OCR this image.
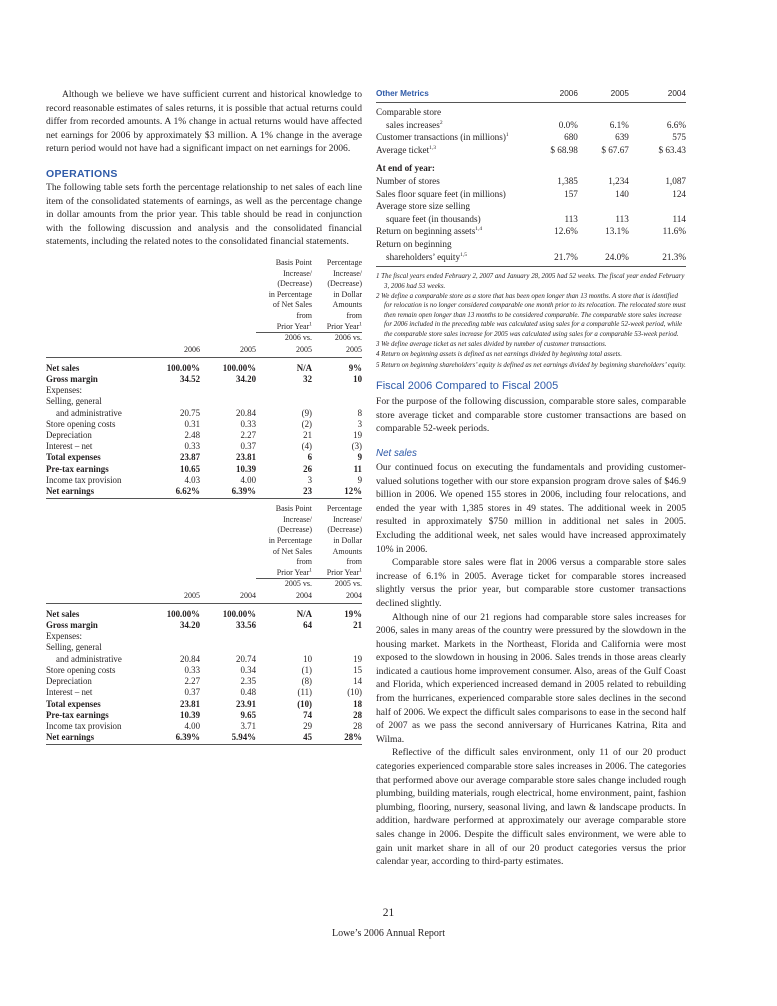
Although we believe we have sufficient current and historical knowledge to record reasonable estimates of sales returns, it is possible that actual returns could differ from recorded amounts. A 1% change in actual returns would have affected net earnings for 2006 by approximately $3 million. A 1% change in the average return period would not have had a significant impact on net earnings for 2006.

OPERATIONS

The following table sets forth the percentage relationship to net sales of each line item of the consolidated statements of earnings, as well as the percentage change in dollar amounts from the prior year. This table should be read in conjunction with the following discussion and analysis and the consolidated financial statements, including the related notes to the consolidated financial statements.

			Basis Point	Percentage
			Increase/	Increase/
			(Decrease)	(Decrease)
			in Percentage	in Dollar
			of Net Sales	Amounts
			from	from
			Prior Year$^1$	Prior Year$^1$
			2006 vs.	2006 vs.
	2006	2005	2005	2005
Net sales	100.00%	100.00%	N/A	9%
Gross margin	34.52	34.20	32	10
Expenses:				
Selling, general				
and administrative	20.75	20.84	(9)	8
Store opening costs	0.31	0.33	(2)	3
Depreciation	2.48	2.27	21	19
Interest – net	0.33	0.37	(4)	(3)
Total expenses	23.87	23.81	6	9
Pre-tax earnings	10.65	10.39	26	11
Income tax provision	4.03	4.00	3	9
Net earnings	6.62%	6.39%	23	12%
			Basis Point	Percentage
			Increase/	Increase/
			(Decrease)	(Decrease)
			in Percentage	in Dollar
			of Net Sales	Amounts
			from	from
			Prior Year$^1$	Prior Year$^1$
			2005 vs.	2005 vs.
	2005	2004	2004	2004
Net sales	100.00%	100.00%	N/A	19%
Gross margin	34.20	33.56	64	21
Expenses:				
Selling, general				
and administrative	20.84	20.74	10	19
Store opening costs	0.33	0.34	(1)	15
Depreciation	2.27	2.35	(8)	14
Interest – net	0.37	0.48	(11)	(10)
Total expenses	23.81	23.91	(10)	18
Pre-tax earnings	10.39	9.65	74	28
Income tax provision	4.00	3.71	29	28
Net earnings	6.39%	5.94%	45	28%
Other Metrics	2006	2005	2004
Comparable store			
sales increases$^2$	0.0%	6.1%	6.6%
Customer transactions (in millions)$^1$	680	639	575
Average ticket$^{1,3}$	$ 68.98	$ 67.67	$ 63.43
At end of year:			
Number of stores	1,385	1,234	1,087
Sales floor square feet (in millions)	157	140	124
Average store size selling			
square feet (in thousands)	113	113	114
Return on beginning assets$^{1,4}$	12.6%	13.1%	11.6%
Return on beginning			
shareholders’ equity$^{1,5}$	21.7%	24.0%	21.3%
1 The fiscal years ended February 2, 2007 and January 28, 2005 had 52 weeks. The fiscal year ended February 3, 2006 had 53 weeks.
2 We define a comparable store as a store that has been open longer than 13 months. A store that is identified for relocation is no longer considered comparable one month prior to its relocation. The relocated store must then remain open longer than 13 months to be considered comparable. The comparable store sales increase for 2006 included in the preceding table was calculated using sales for a comparable 52-week period, while the comparable store sales increase for 2005 was calculated using sales for a comparable 53-week period.
3 We define average ticket as net sales divided by number of customer transactions.
4 Return on beginning assets is defined as net earnings divided by beginning total assets.
5 Return on beginning shareholders’ equity is defined as net earnings divided by beginning shareholders’ equity.
Fiscal 2006 Compared to Fiscal 2005

For the purpose of the following discussion, comparable store sales, comparable store average ticket and comparable store customer transactions are based on comparable 52-week periods.

Net sales

Our continued focus on executing the fundamentals and providing customer-valued solutions together with our store expansion program drove sales of $46.9 billion in 2006. We opened 155 stores in 2006, including four relocations, and ended the year with 1,385 stores in 49 states. The additional week in 2005 resulted in approximately $750 million in additional net sales in 2005. Excluding the additional week, net sales would have increased approximately 10% in 2006.

Comparable store sales were flat in 2006 versus a comparable store sales increase of 6.1% in 2005. Average ticket for comparable stores increased slightly versus the prior year, but comparable store customer transactions declined slightly.

Although nine of our 21 regions had comparable store sales increases for 2006, sales in many areas of the country were pressured by the slowdown in the housing market. Markets in the Northeast, Florida and California were most exposed to the slowdown in housing in 2006. Sales trends in those areas clearly indicated a cautious home improvement consumer. Also, areas of the Gulf Coast and Florida, which experienced increased demand in 2005 related to rebuilding from the hurricanes, experienced comparable store sales declines in the second half of 2006. We expect the difficult sales comparisons to ease in the second half of 2007 as we pass the second anniversary of Hurricanes Katrina, Rita and Wilma.

Reflective of the difficult sales environment, only 11 of our 20 product categories experienced comparable store sales increases in 2006. The categories that performed above our average comparable store sales change included rough plumbing, building materials, rough electrical, home environment, paint, fashion plumbing, flooring, nursery, seasonal living, and lawn & landscape products. In addition, hardware performed at approximately our average comparable store sales change in 2006. Despite the difficult sales environment, we were able to gain unit market share in all of our 20 product categories versus the prior calendar year, according to third-party estimates.

21
Lowe’s 2006 Annual Report
